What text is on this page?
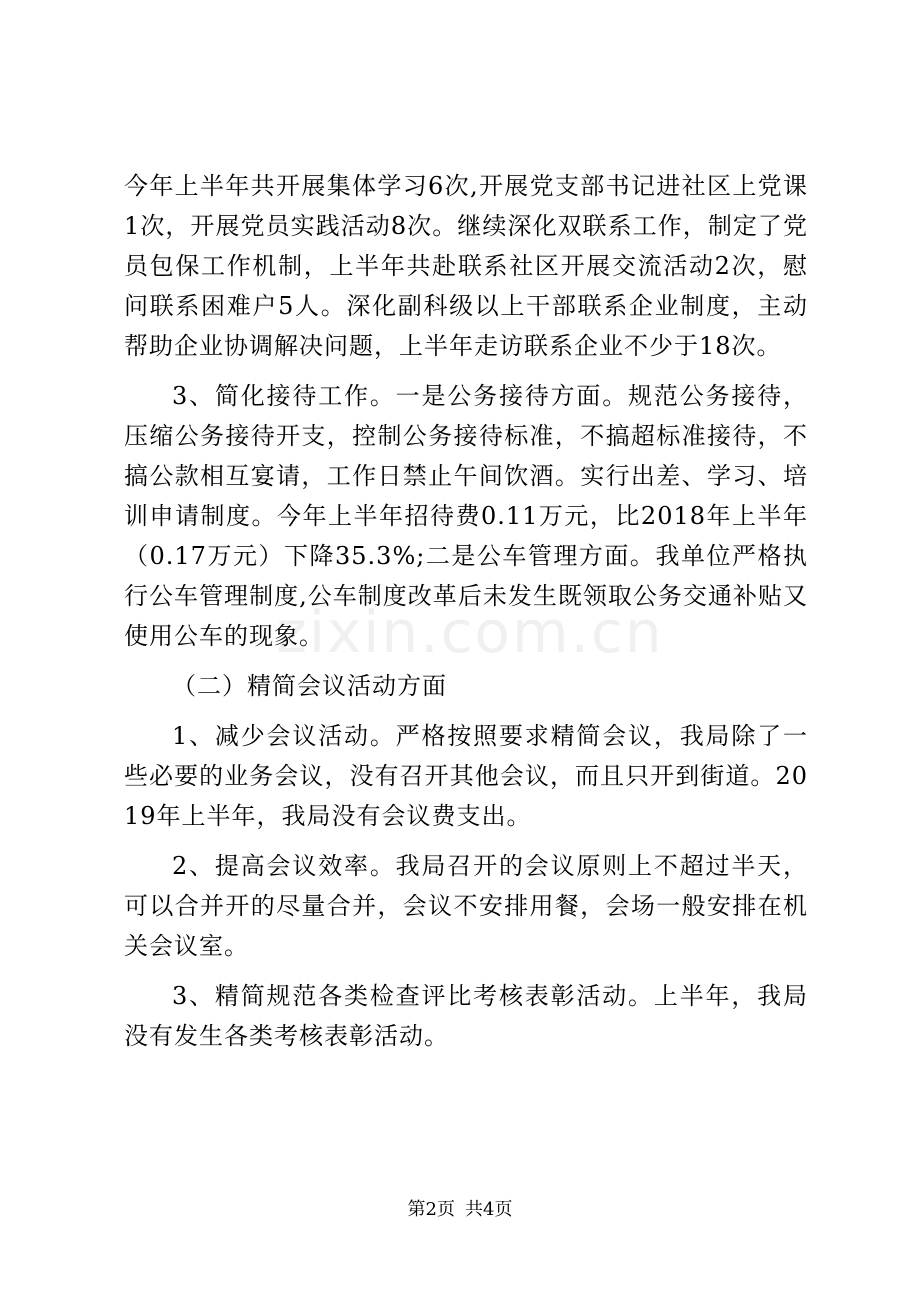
zixin.com.cn

今年上半年共开展集体学习6次,开展党支部书记进社区上党课1次，开展党员实践活动8次。继续深化双联系工作，制定了党员包保工作机制，上半年共赴联系社区开展交流活动2次，慰问联系困难户5人。深化副科级以上干部联系企业制度，主动帮助企业协调解决问题，上半年走访联系企业不少于18次。

3、简化接待工作。一是公务接待方面。规范公务接待，压缩公务接待开支，控制公务接待标准，不搞超标准接待，不搞公款相互宴请，工作日禁止午间饮酒。实行出差、学习、培训申请制度。今年上半年招待费0.11万元，比2018年上半年（0.17万元）下降35.3%;二是公车管理方面。我单位严格执行公车管理制度,公车制度改革后未发生既领取公务交通补贴又使用公车的现象。

（二）精简会议活动方面

1、减少会议活动。严格按照要求精简会议，我局除了一些必要的业务会议，没有召开其他会议，而且只开到街道。2019年上半年，我局没有会议费支出。

2、提高会议效率。我局召开的会议原则上不超过半天，可以合并开的尽量合并，会议不安排用餐，会场一般安排在机关会议室。

3、精简规范各类检查评比考核表彰活动。上半年，我局没有发生各类考核表彰活动。

第2页 共4页
